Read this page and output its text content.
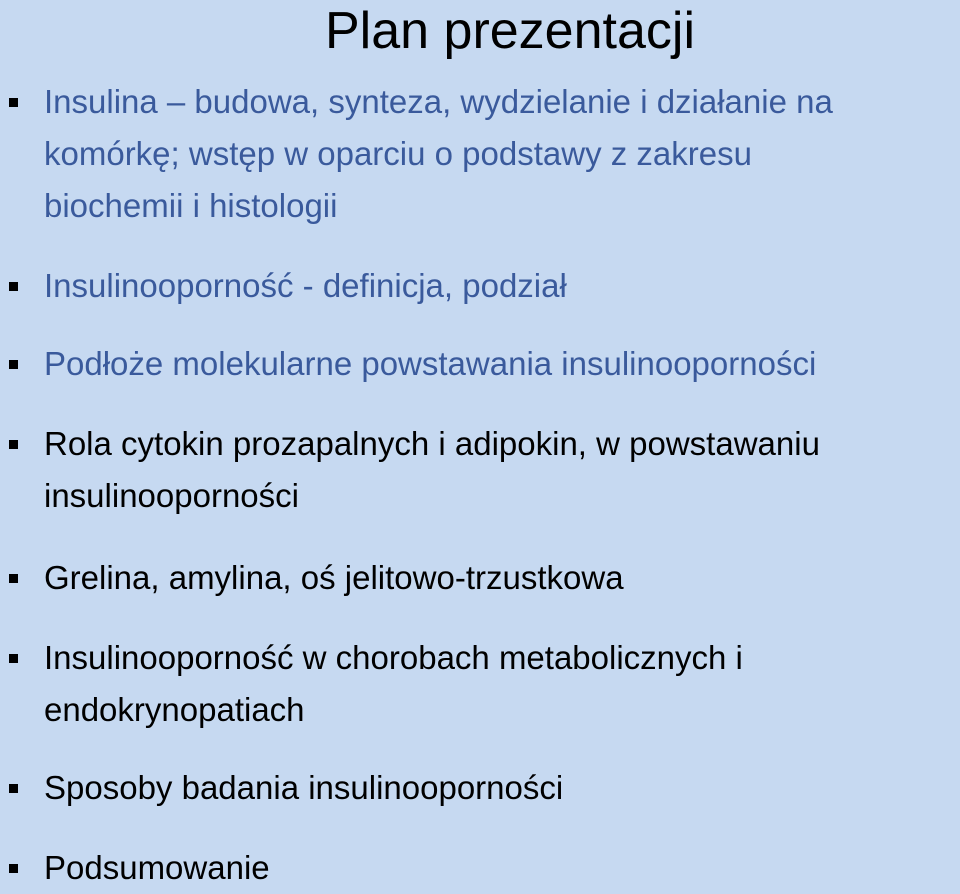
Plan prezentacji
Insulina – budowa, synteza, wydzielanie i działanie na
komórkę; wstęp w oparciu o podstawy z zakresu
biochemii i histologii
Insulinooporność - definicja, podział
Podłoże molekularne powstawania insulinooporności
Rola cytokin prozapalnych i adipokin, w powstawaniu
insulinooporności
Grelina, amylina, oś jelitowo-trzustkowa
Insulinooporność w chorobach metabolicznych i
endokrynopatiach
Sposoby badania insulinooporności
Podsumowanie
